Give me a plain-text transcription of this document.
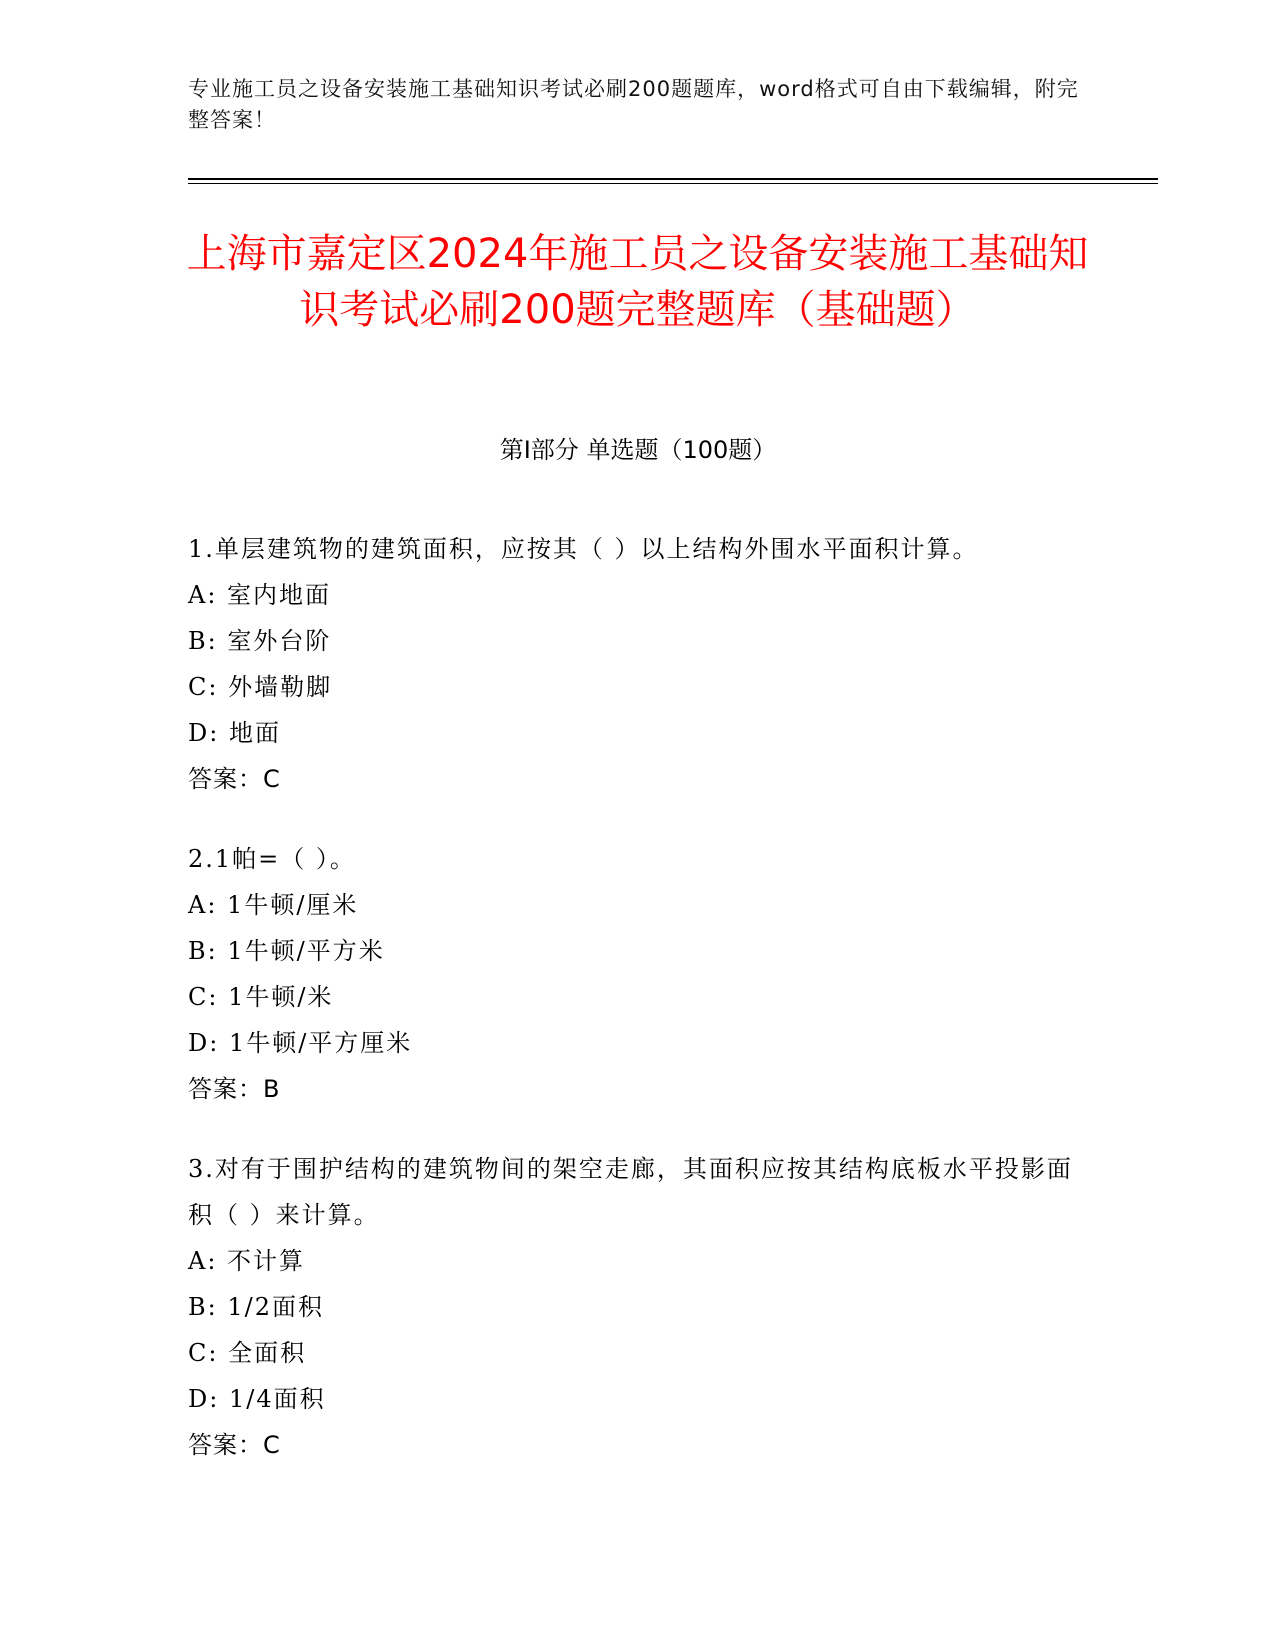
专业施工员之设备安装施工基础知识考试必刷200题题库，word格式可自由下载编辑，附完整答案！
上海市嘉定区2024年施工员之设备安装施工基础知识考试必刷200题完整题库（基础题）
第Ⅰ部分 单选题（100题）
1.单层建筑物的建筑面积，应按其（ ）以上结构外围水平面积计算。
A: 室内地面
B: 室外台阶
C: 外墙勒脚
D: 地面
答案：C
2.1帕=（ ）。
A: 1牛顿/厘米
B: 1牛顿/平方米
C: 1牛顿/米
D: 1牛顿/平方厘米
答案：B
3.对有于围护结构的建筑物间的架空走廊，其面积应按其结构底板水平投影面积（ ）来计算。
A: 不计算
B: 1/2面积
C: 全面积
D: 1/4面积
答案：C
